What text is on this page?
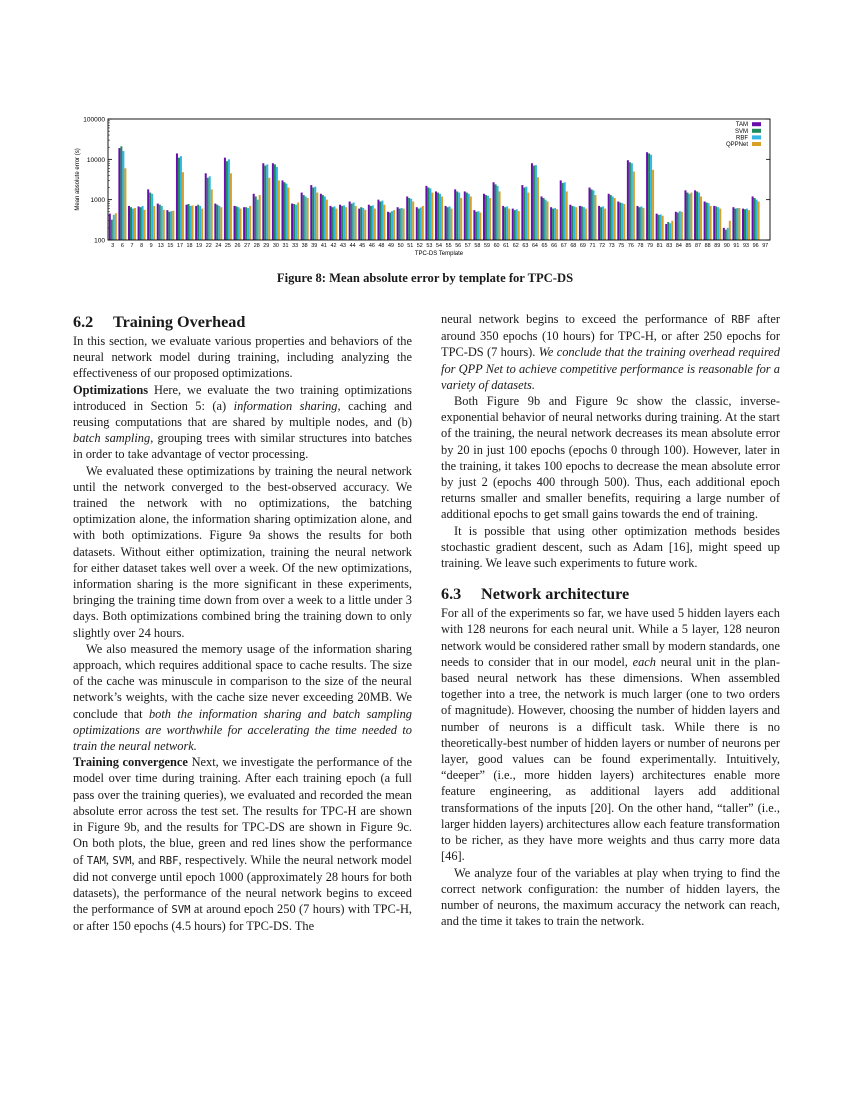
100
1000
10000
100000
3 6 7 8 9 13 15 17 18 19 22 24 25 26 27 28 29 30 31 33 38 39 41 42 43 44 45 46 48 49 50 51 52 53 54 55 56 57 58 59 60 61 62 63 64 65 66 67 68 69 71 72 73 75 76 78 79 81 83 84 85 87 88 89 90 91 93 96 97
Mean absolute error (s)
TPC-DS Template
TAM
SVM
RBF
QPPNet
Figure 8: Mean absolute error by template for TPC-DS
6.2	Training Overhead

In this section, we evaluate various properties and behaviors of the neural network model during training, including analyzing the effectiveness of our proposed optimizations.

Optimizations Here, we evaluate the two training optimizations introduced in Section 5: (a) information sharing, caching and reusing computations that are shared by multiple nodes, and (b) batch sampling, grouping trees with similar structures into batches in order to take advantage of vector processing.

We evaluated these optimizations by training the neural network until the network converged to the best-observed accuracy. We trained the network with no optimizations, the batching optimization alone, the information sharing optimization alone, and with both optimizations. Figure 9a shows the results for both datasets. Without either optimization, training the neural network for either dataset takes well over a week. Of the new optimizations, information sharing is the more significant in these experiments, bringing the training time down from over a week to a little under 3 days. Both optimizations combined bring the training down to only slightly over 24 hours.

We also measured the memory usage of the information sharing approach, which requires additional space to cache results. The size of the cache was minuscule in comparison to the size of the neural network’s weights, with the cache size never exceeding 20MB. We conclude that both the information sharing and batch sampling optimizations are worthwhile for accelerating the time needed to train the neural network.

Training convergence Next, we investigate the performance of the model over time during training. After each training epoch (a full pass over the training queries), we evaluated and recorded the mean absolute error across the test set. The results for TPC-H are shown in Figure 9b, and the results for TPC-DS are shown in Figure 9c. On both plots, the blue, green and red lines show the performance of TAM, SVM, and RBF, respectively. While the neural network model did not converge until epoch 1000 (approximately 28 hours for both datasets), the performance of the neural network begins to exceed the performance of SVM at around epoch 250 (7 hours) with TPC-H, or after 150 epochs (4.5 hours) for TPC-DS. The

neural network begins to exceed the performance of RBF after around 350 epochs (10 hours) for TPC-H, or after 250 epochs for TPC-DS (7 hours). We conclude that the training overhead required for QPP Net to achieve competitive performance is reasonable for a variety of datasets.

Both Figure 9b and Figure 9c show the classic, inverse-exponential behavior of neural networks during training. At the start of the training, the neural network decreases its mean absolute error by 20 in just 100 epochs (epochs 0 through 100). However, later in the training, it takes 100 epochs to decrease the mean absolute error by just 2 (epochs 400 through 500). Thus, each additional epoch returns smaller and smaller benefits, requiring a large number of additional epochs to get small gains towards the end of training.

It is possible that using other optimization methods besides stochastic gradient descent, such as Adam [16], might speed up training. We leave such experiments to future work.

6.3	Network architecture

For all of the experiments so far, we have used 5 hidden layers each with 128 neurons for each neural unit. While a 5 layer, 128 neuron network would be considered rather small by modern standards, one needs to consider that in our model, each neural unit in the plan-based neural network has these dimensions. When assembled together into a tree, the network is much larger (one to two orders of magnitude). However, choosing the number of hidden layers and number of neurons is a difficult task. While there is no theoretically-best number of hidden layers or number of neurons per layer, good values can be found experimentally. Intuitively, “deeper” (i.e., more hidden layers) architectures enable more feature engineering, as additional layers add additional transformations of the inputs [20]. On the other hand, “taller” (i.e., larger hidden layers) architectures allow each feature transformation to be richer, as they have more weights and thus carry more data [46].

We analyze four of the variables at play when trying to find the correct network configuration: the number of hidden layers, the number of neurons, the maximum accuracy the network can reach, and the time it takes to train the network.
